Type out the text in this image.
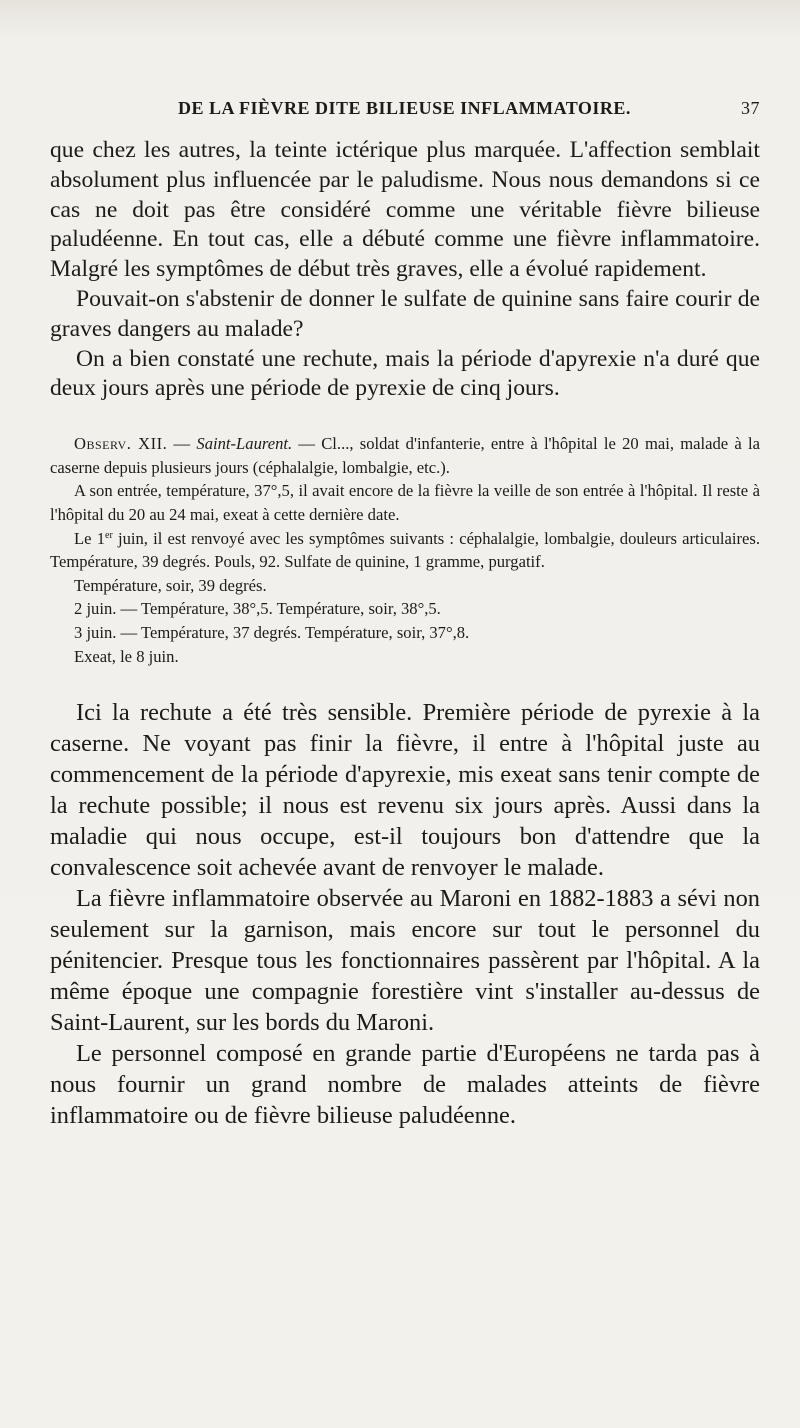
DE LA FIÈVRE DITE BILIEUSE INFLAMMATOIRE.	37

que chez les autres, la teinte ictérique plus marquée. L'affection semblait absolument plus influencée par le paludisme. Nous nous demandons si ce cas ne doit pas être considéré comme une véritable fièvre bilieuse paludéenne. En tout cas, elle a débuté comme une fièvre inflammatoire. Malgré les symptômes de début très graves, elle a évolué rapidement.

Pouvait-on s'abstenir de donner le sulfate de quinine sans faire courir de graves dangers au malade?

On a bien constaté une rechute, mais la période d'apyrexie n'a duré que deux jours après une période de pyrexie de cinq jours.

Observ. XII. — Saint-Laurent. — Cl..., soldat d'infanterie, entre à l'hôpital le 20 mai, malade à la caserne depuis plusieurs jours (céphalalgie, lombalgie, etc.).

A son entrée, température, 37°,5, il avait encore de la fièvre la veille de son entrée à l'hôpital. Il reste à l'hôpital du 20 au 24 mai, exeat à cette dernière date.

Le 1er juin, il est renvoyé avec les symptômes suivants : céphalalgie, lombalgie, douleurs articulaires. Température, 39 degrés. Pouls, 92. Sulfate de quinine, 1 gramme, purgatif.

Température, soir, 39 degrés.

2 juin. — Température, 38°,5. Température, soir, 38°,5.

3 juin. — Température, 37 degrés. Température, soir, 37°,8.

Exeat, le 8 juin.

Ici la rechute a été très sensible. Première période de pyrexie à la caserne. Ne voyant pas finir la fièvre, il entre à l'hôpital juste au commencement de la période d'apyrexie, mis exeat sans tenir compte de la rechute possible; il nous est revenu six jours après. Aussi dans la maladie qui nous occupe, est-il toujours bon d'attendre que la convalescence soit achevée avant de renvoyer le malade.

La fièvre inflammatoire observée au Maroni en 1882-1883 a sévi non seulement sur la garnison, mais encore sur tout le personnel du pénitencier. Presque tous les fonctionnaires passèrent par l'hôpital. A la même époque une compagnie forestière vint s'installer au-dessus de Saint-Laurent, sur les bords du Maroni.

Le personnel composé en grande partie d'Européens ne tarda pas à nous fournir un grand nombre de malades atteints de fièvre inflammatoire ou de fièvre bilieuse paludéenne.
